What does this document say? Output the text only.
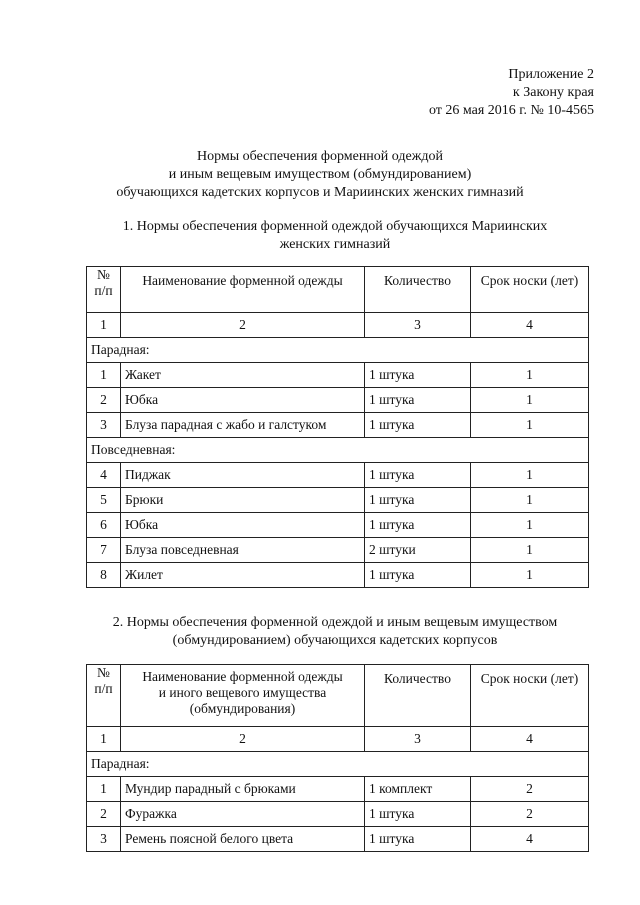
Приложение 2
к Закону края
от 26 мая 2016 г. № 10-4565
Нормы обеспечения форменной одеждой
и иным вещевым имуществом (обмундированием)
обучающихся кадетских корпусов и Мариинских женских гимназий
1. Нормы обеспечения форменной одеждой обучающихся Мариинских
женских гимназий
№
п/п	Наименование форменной одежды	Количество	Срок носки (лет)
1	2	3	4
Парадная:			
1	Жакет	1 штука	1
2	Юбка	1 штука	1
3	Блуза парадная с жабо и галстуком	1 штука	1
Повседневная:			
4	Пиджак	1 штука	1
5	Брюки	1 штука	1
6	Юбка	1 штука	1
7	Блуза повседневная	2 штуки	1
8	Жилет	1 штука	1
2. Нормы обеспечения форменной одеждой и иным вещевым имуществом
(обмундированием) обучающихся кадетских корпусов
№
п/п	Наименование форменной одежды
и иного вещевого имущества
(обмундирования)	Количество	Срок носки (лет)
1	2	3	4
Парадная:			
1	Мундир парадный с брюками	1 комплект	2
2	Фуражка	1 штука	2
3	Ремень поясной белого цвета	1 штука	4
